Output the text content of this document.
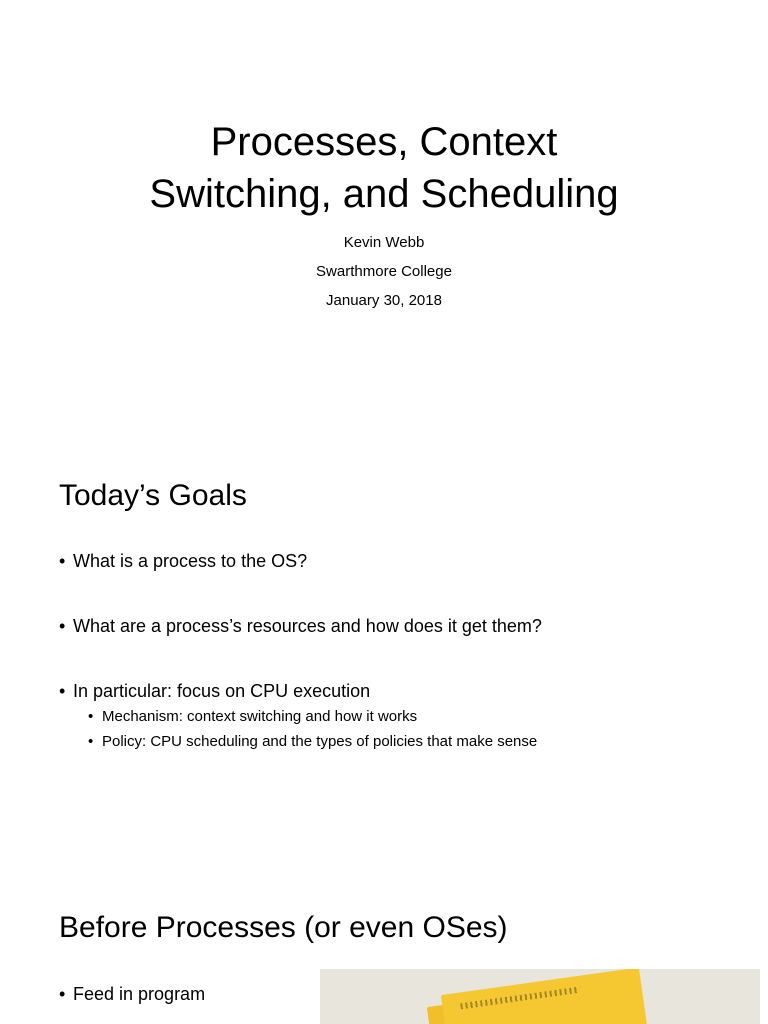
Processes, Context
Switching, and Scheduling
Kevin Webb
Swarthmore College
January 30, 2018
Today’s Goals
• What is a process to the OS?
• What are a process’s resources and how does it get them?
• In particular: focus on CPU execution
• Mechanism: context switching and how it works
• Policy: CPU scheduling and the types of policies that make sense
Before Processes (or even OSes)
• Feed in program
